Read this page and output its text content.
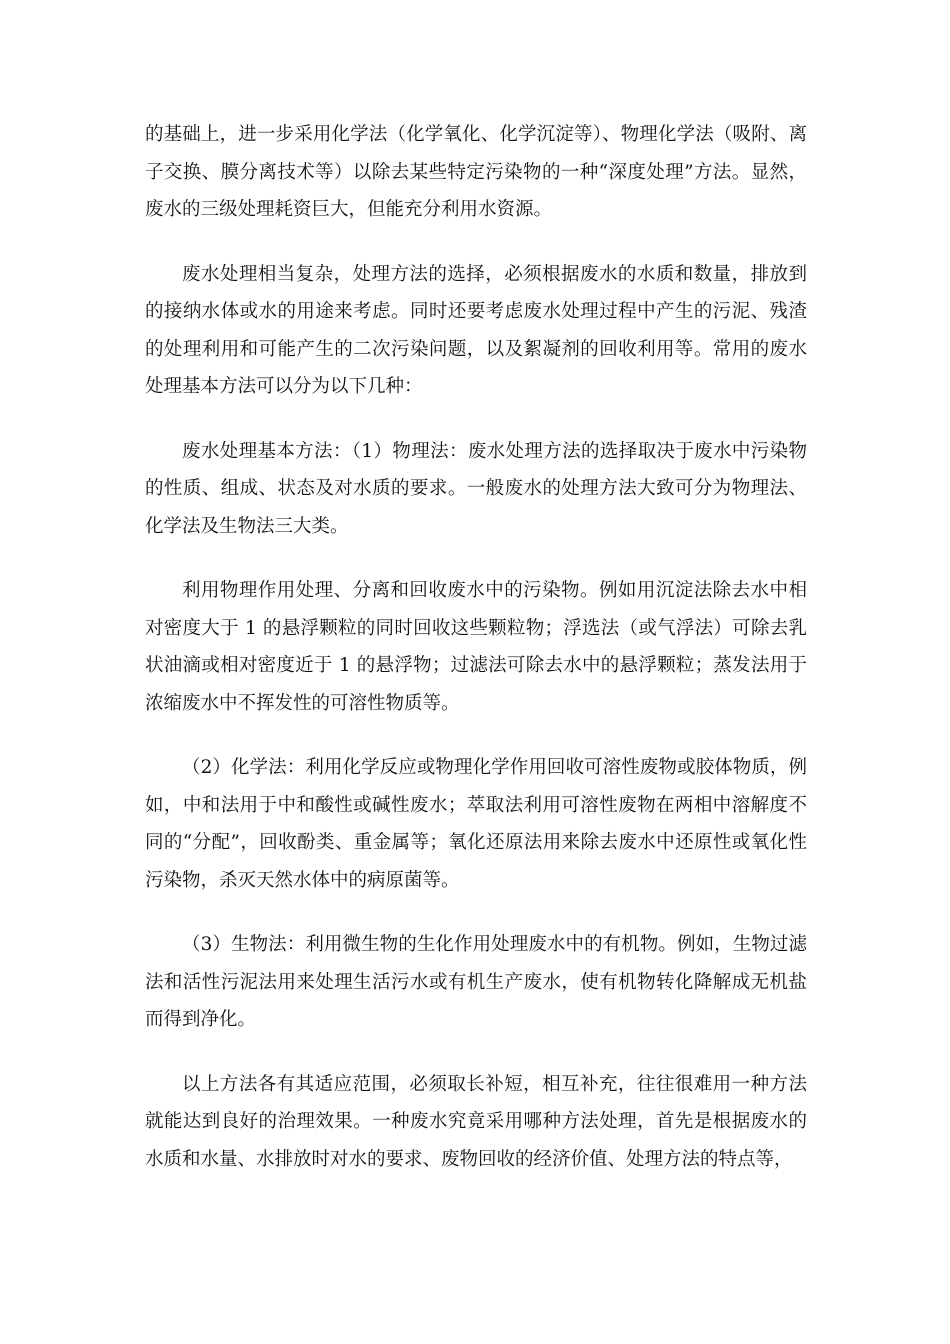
的基础上，进一步采用化学法（化学氧化、化学沉淀等）、物理化学法（吸附、离子交换、膜分离技术等）以除去某些特定污染物的一种“深度处理”方法。显然，废水的三级处理耗资巨大，但能充分利用水资源。

废水处理相当复杂，处理方法的选择，必须根据废水的水质和数量，排放到的接纳水体或水的用途来考虑。同时还要考虑废水处理过程中产生的污泥、残渣的处理利用和可能产生的二次污染问题，以及絮凝剂的回收利用等。常用的废水处理基本方法可以分为以下几种：

废水处理基本方法：（1）物理法：废水处理方法的选择取决于废水中污染物的性质、组成、状态及对水质的要求。一般废水的处理方法大致可分为物理法、化学法及生物法三大类。

利用物理作用处理、分离和回收废水中的污染物。例如用沉淀法除去水中相对密度大于 1 的悬浮颗粒的同时回收这些颗粒物；浮选法（或气浮法）可除去乳状油滴或相对密度近于 1 的悬浮物；过滤法可除去水中的悬浮颗粒；蒸发法用于浓缩废水中不挥发性的可溶性物质等。

（2）化学法：利用化学反应或物理化学作用回收可溶性废物或胶体物质，例如，中和法用于中和酸性或碱性废水；萃取法利用可溶性废物在两相中溶解度不同的“分配”，回收酚类、重金属等；氧化还原法用来除去废水中还原性或氧化性污染物，杀灭天然水体中的病原菌等。

（3）生物法：利用微生物的生化作用处理废水中的有机物。例如，生物过滤法和活性污泥法用来处理生活污水或有机生产废水，使有机物转化降解成无机盐而得到净化。

以上方法各有其适应范围，必须取长补短，相互补充，往往很难用一种方法就能达到良好的治理效果。一种废水究竟采用哪种方法处理，首先是根据废水的水质和水量、水排放时对水的要求、废物回收的经济价值、处理方法的特点等，
